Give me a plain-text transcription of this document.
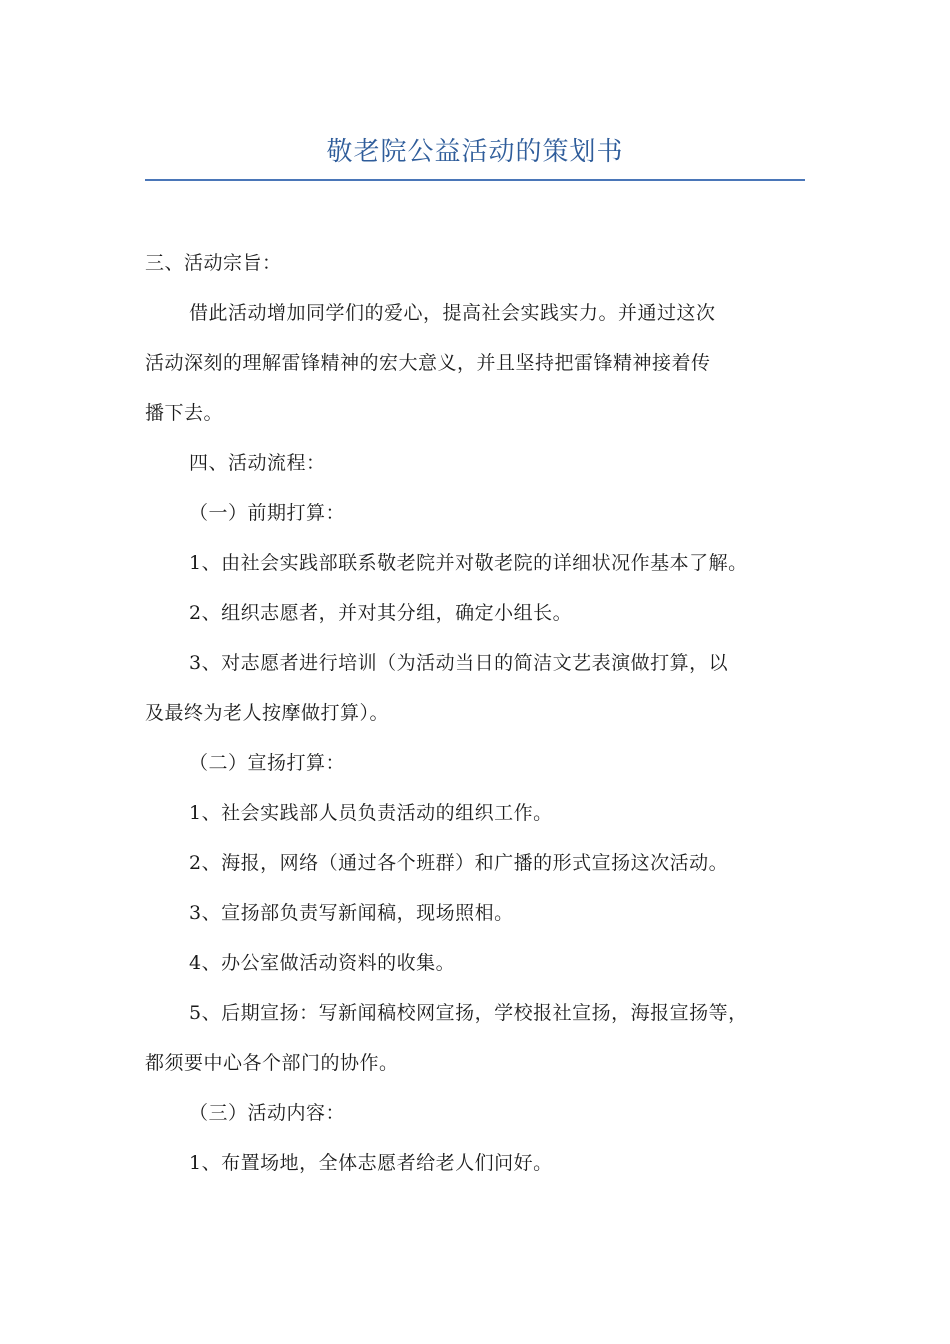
敬老院公益活动的策划书
三、活动宗旨：
借此活动增加同学们的爱心，提高社会实践实力。并通过这次
活动深刻的理解雷锋精神的宏大意义，并且坚持把雷锋精神接着传
播下去。
四、活动流程：
（一）前期打算：
1、由社会实践部联系敬老院并对敬老院的详细状况作基本了解。
2、组织志愿者，并对其分组，确定小组长。
3、对志愿者进行培训（为活动当日的简洁文艺表演做打算，以
及最终为老人按摩做打算）。
（二）宣扬打算：
1、社会实践部人员负责活动的组织工作。
2、海报，网络（通过各个班群）和广播的形式宣扬这次活动。
3、宣扬部负责写新闻稿，现场照相。
4、办公室做活动资料的收集。
5、后期宣扬：写新闻稿校网宣扬，学校报社宣扬，海报宣扬等，
都须要中心各个部门的协作。
（三）活动内容：
1、布置场地，全体志愿者给老人们问好。
